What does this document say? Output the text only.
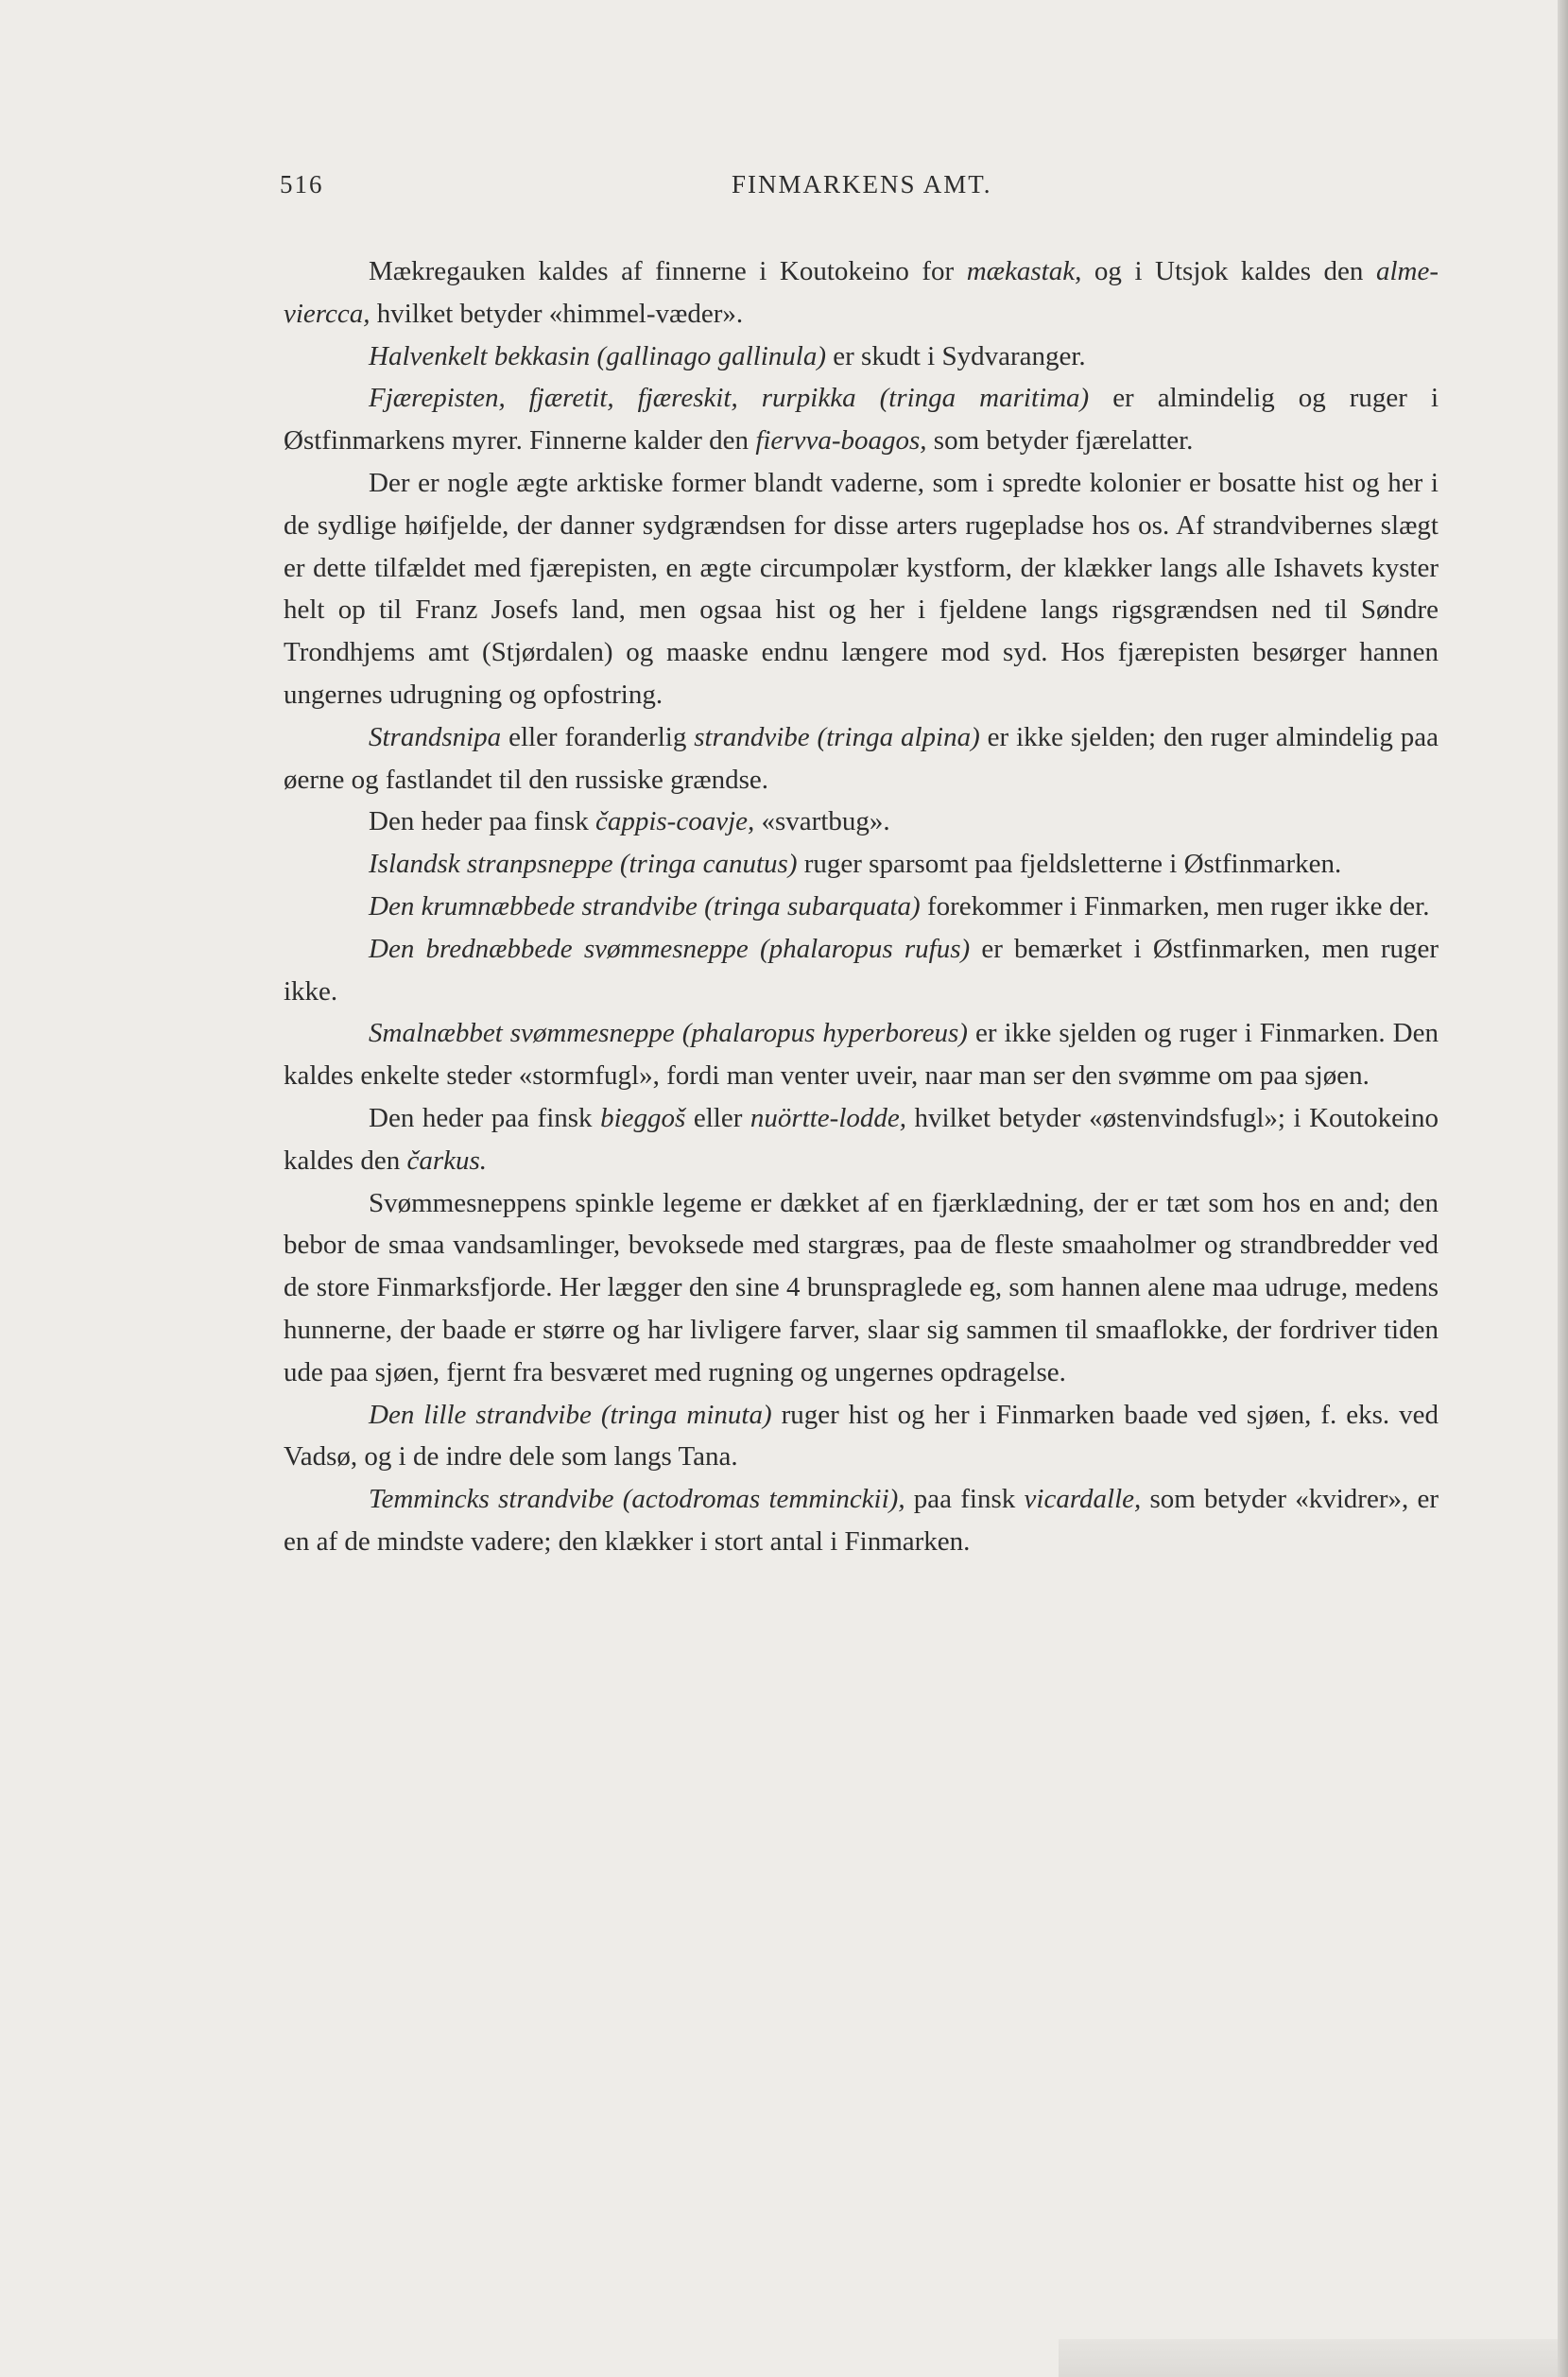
516	FINMARKENS AMT.

Mækregauken kaldes af finnerne i Koutokeino for mækastak, og i Utsjok kaldes den alme-viercca, hvilket betyder «himmel-væder».

Halvenkelt bekkasin (gallinago gallinula) er skudt i Sydvaranger.

Fjærepisten, fjæretit, fjæreskit, rurpikka (tringa maritima) er almindelig og ruger i Østfinmarkens myrer. Finnerne kalder den fiervva-boagos, som betyder fjærelatter.

Der er nogle ægte arktiske former blandt vaderne, som i spredte kolonier er bosatte hist og her i de sydlige høifjelde, der danner sydgrændsen for disse arters rugepladse hos os. Af strandvibernes slægt er dette tilfældet med fjærepisten, en ægte circumpolær kystform, der klækker langs alle Ishavets kyster helt op til Franz Josefs land, men ogsaa hist og her i fjeldene langs rigsgrændsen ned til Søndre Trondhjems amt (Stjørdalen) og maaske endnu længere mod syd. Hos fjærepisten besørger hannen ungernes udrugning og opfostring.

Strandsnipa eller foranderlig strandvibe (tringa alpina) er ikke sjelden; den ruger almindelig paa øerne og fastlandet til den russiske grændse.

Den heder paa finsk čappis-coavje, «svartbug».

Islandsk stranpsneppe (tringa canutus) ruger sparsomt paa fjeldsletterne i Østfinmarken.

Den krumnæbbede strandvibe (tringa subarquata) forekommer i Finmarken, men ruger ikke der.

Den brednæbbede svømmesneppe (phalaropus rufus) er bemærket i Østfinmarken, men ruger ikke.

Smalnæbbet svømmesneppe (phalaropus hyperboreus) er ikke sjelden og ruger i Finmarken. Den kaldes enkelte steder «stormfugl», fordi man venter uveir, naar man ser den svømme om paa sjøen.

Den heder paa finsk bieggoš eller nuörtte-lodde, hvilket betyder «østenvindsfugl»; i Koutokeino kaldes den čarkus.

Svømmesneppens spinkle legeme er dækket af en fjærklædning, der er tæt som hos en and; den bebor de smaa vandsamlinger, bevoksede med stargræs, paa de fleste smaaholmer og strandbredder ved de store Finmarksfjorde. Her lægger den sine 4 brunspraglede eg, som hannen alene maa udruge, medens hunnerne, der baade er større og har livligere farver, slaar sig sammen til smaaflokke, der fordriver tiden ude paa sjøen, fjernt fra besværet med rugning og ungernes opdragelse.

Den lille strandvibe (tringa minuta) ruger hist og her i Finmarken baade ved sjøen, f. eks. ved Vadsø, og i de indre dele som langs Tana.

Temmincks strandvibe (actodromas temminckii), paa finsk vicardalle, som betyder «kvidrer», er en af de mindste vadere; den klækker i stort antal i Finmarken.
